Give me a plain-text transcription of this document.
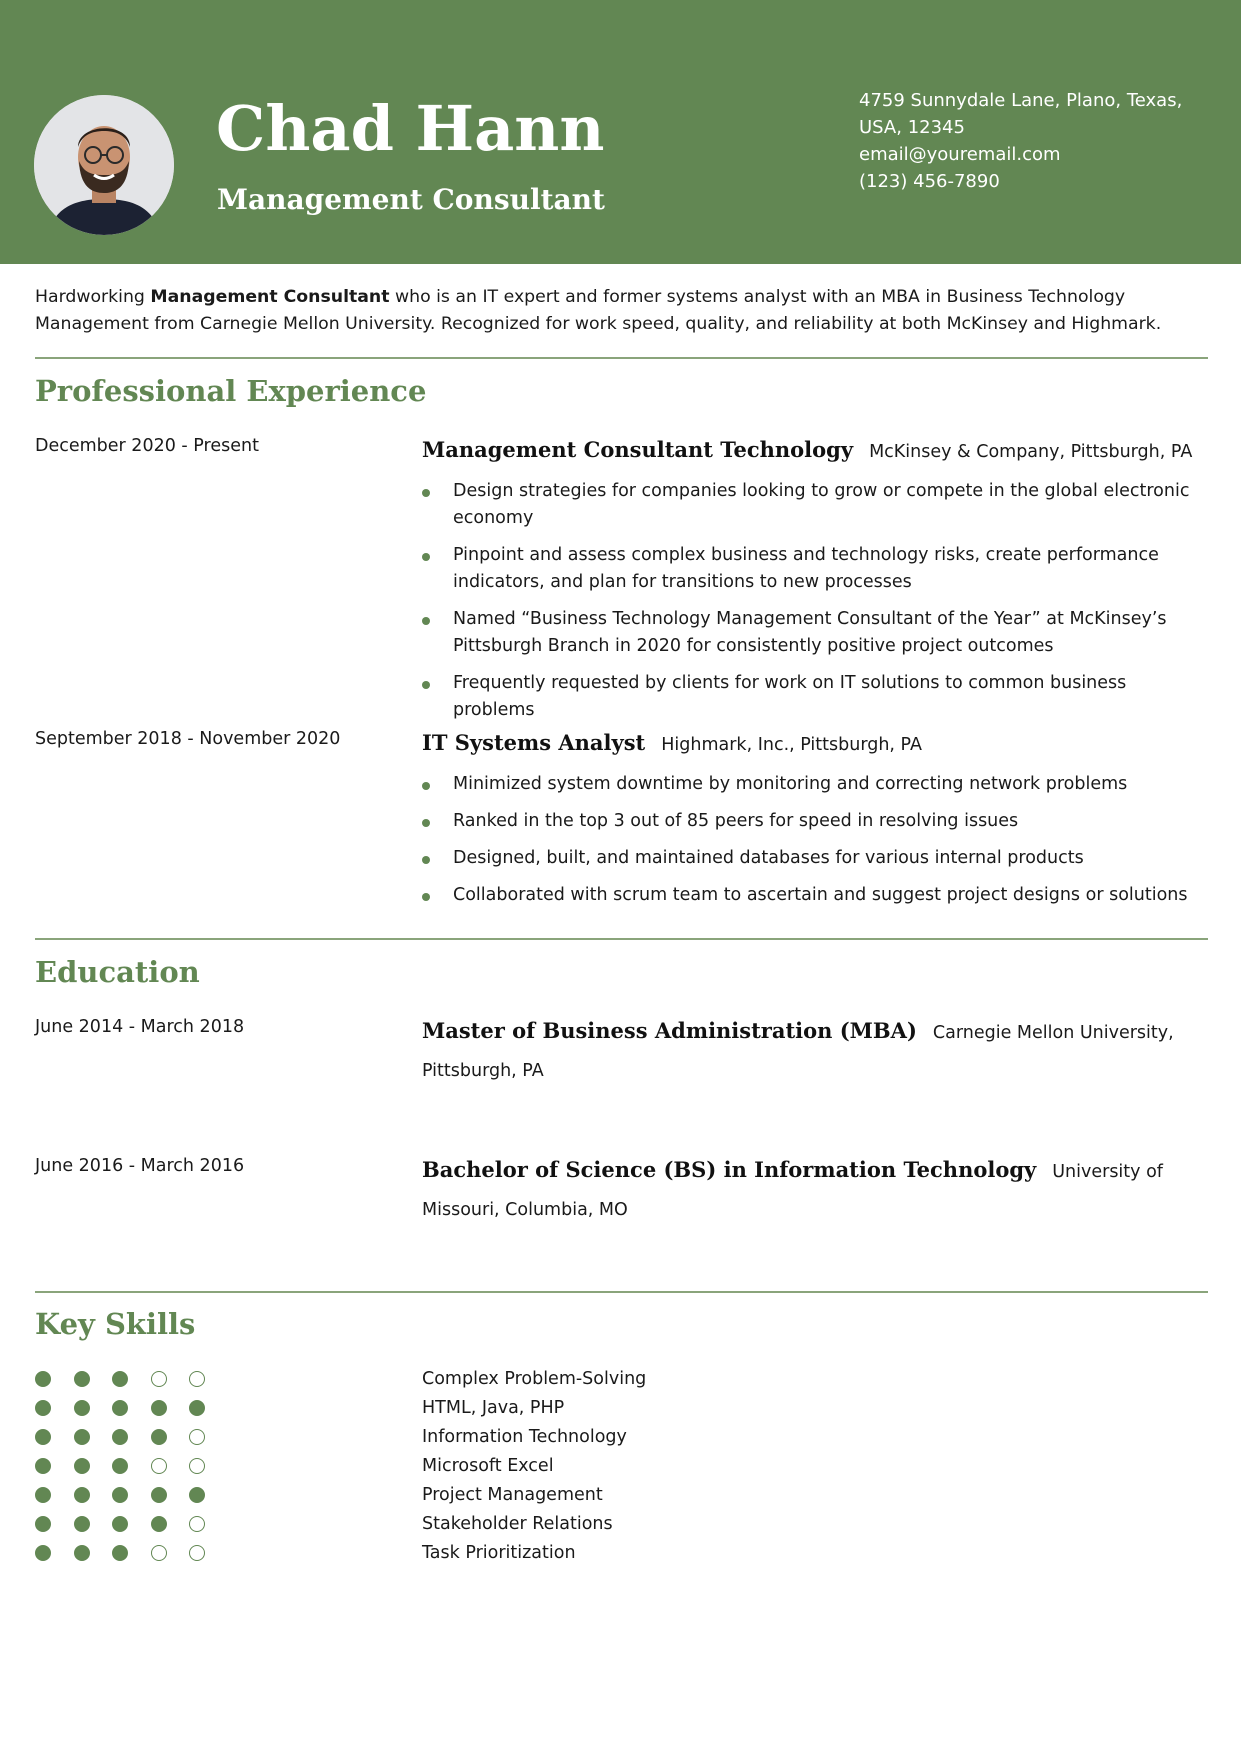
Chad Hann
Management Consultant
4759 Sunnydale Lane, Plano, Texas, USA, 12345
email@youremail.com
(123) 456-7890

Hardworking Management Consultant who is an IT expert and former systems analyst with an MBA in Business Technology Management from Carnegie Mellon University. Recognized for work speed, quality, and reliability at both McKinsey and Highmark.

Professional Experience
December 2020 - Present	Management Consultant Technology McKinsey & Company, Pittsburgh, PA
Design strategies for companies looking to grow or compete in the global electronic economy
Pinpoint and assess complex business and technology risks, create performance indicators, and plan for transitions to new processes
Named “Business Technology Management Consultant of the Year” at McKinsey’s Pittsburgh Branch in 2020 for consistently positive project outcomes
Frequently requested by clients for work on IT solutions to common business problems
September 2018 - November 2020	IT Systems Analyst Highmark, Inc., Pittsburgh, PA
Minimized system downtime by monitoring and correcting network problems
Ranked in the top 3 out of 85 peers for speed in resolving issues
Designed, built, and maintained databases for various internal products
Collaborated with scrum team to ascertain and suggest project designs or solutions
Education
June 2014 - March 2018	Master of Business Administration (MBA) Carnegie Mellon University, Pittsburgh, PA
June 2016 - March 2016	Bachelor of Science (BS) in Information Technology University of Missouri, Columbia, MO
Key Skills
Complex Problem-Solving
HTML, Java, PHP
Information Technology
Microsoft Excel
Project Management
Stakeholder Relations
Task Prioritization
